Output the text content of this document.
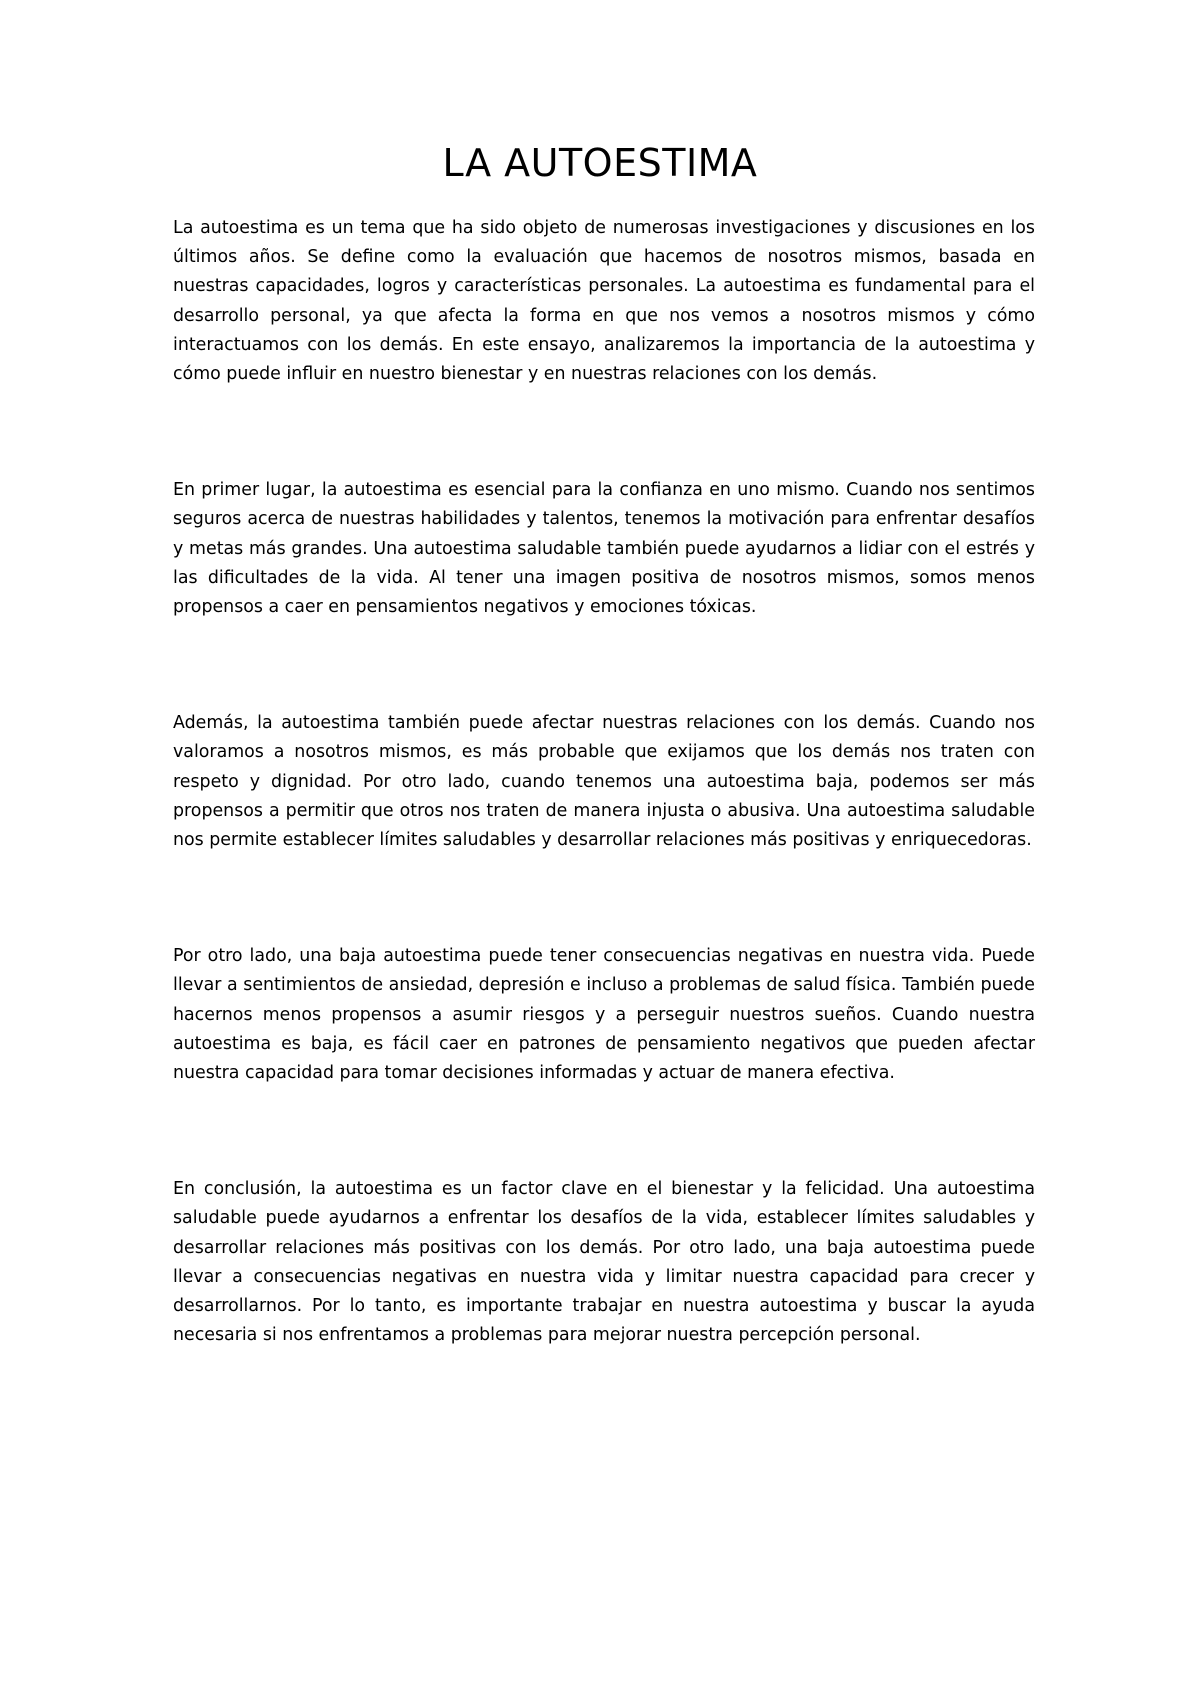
LA AUTOESTIMA

La autoestima es un tema que ha sido objeto de numerosas investigaciones y discusiones en los últimos años. Se define como la evaluación que hacemos de nosotros mismos, basada en nuestras capacidades, logros y características personales. La autoestima es fundamental para el desarrollo personal, ya que afecta la forma en que nos vemos a nosotros mismos y cómo interactuamos con los demás. En este ensayo, analizaremos la importancia de la autoestima y cómo puede influir en nuestro bienestar y en nuestras relaciones con los demás.

En primer lugar, la autoestima es esencial para la confianza en uno mismo. Cuando nos sentimos seguros acerca de nuestras habilidades y talentos, tenemos la motivación para enfrentar desafíos y metas más grandes. Una autoestima saludable también puede ayudarnos a lidiar con el estrés y las dificultades de la vida. Al tener una imagen positiva de nosotros mismos, somos menos propensos a caer en pensamientos negativos y emociones tóxicas.

Además, la autoestima también puede afectar nuestras relaciones con los demás. Cuando nos valoramos a nosotros mismos, es más probable que exijamos que los demás nos traten con respeto y dignidad. Por otro lado, cuando tenemos una autoestima baja, podemos ser más propensos a permitir que otros nos traten de manera injusta o abusiva. Una autoestima saludable nos permite establecer límites saludables y desarrollar relaciones más positivas y enriquecedoras.

Por otro lado, una baja autoestima puede tener consecuencias negativas en nuestra vida. Puede llevar a sentimientos de ansiedad, depresión e incluso a problemas de salud física. También puede hacernos menos propensos a asumir riesgos y a perseguir nuestros sueños. Cuando nuestra autoestima es baja, es fácil caer en patrones de pensamiento negativos que pueden afectar nuestra capacidad para tomar decisiones informadas y actuar de manera efectiva.

En conclusión, la autoestima es un factor clave en el bienestar y la felicidad. Una autoestima saludable puede ayudarnos a enfrentar los desafíos de la vida, establecer límites saludables y desarrollar relaciones más positivas con los demás. Por otro lado, una baja autoestima puede llevar a consecuencias negativas en nuestra vida y limitar nuestra capacidad para crecer y desarrollarnos. Por lo tanto, es importante trabajar en nuestra autoestima y buscar la ayuda necesaria si nos enfrentamos a problemas para mejorar nuestra percepción personal.
